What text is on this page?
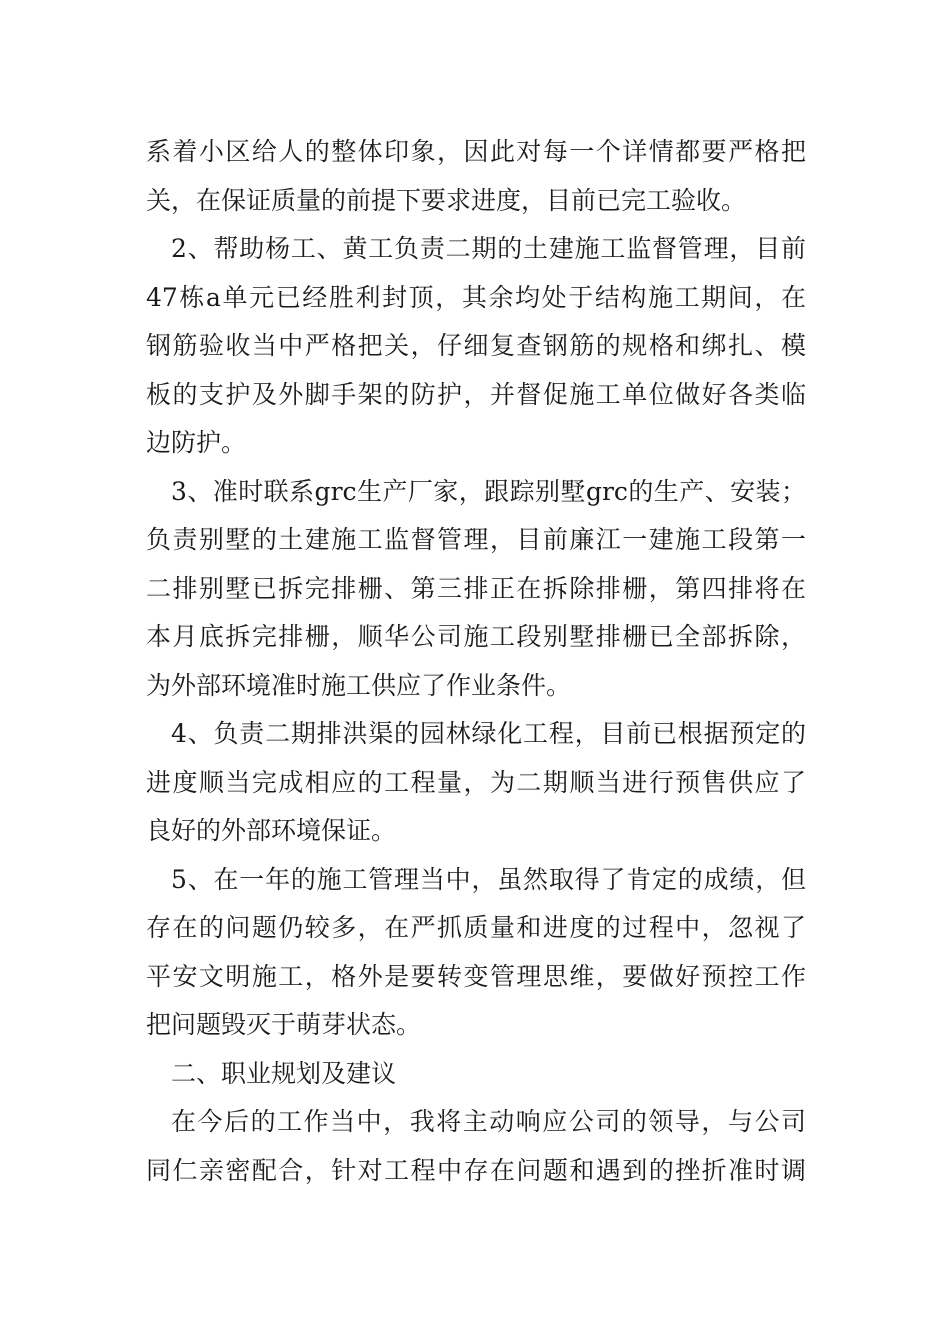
系着小区给人的整体印象，因此对每一个详情都要严格把
关，在保证质量的前提下要求进度，目前已完工验收。

2、帮助杨工、黄工负责二期的土建施工监督管理，目前
47栋a单元已经胜利封顶，其余均处于结构施工期间，在
钢筋验收当中严格把关，仔细复查钢筋的规格和绑扎、模
板的支护及外脚手架的防护，并督促施工单位做好各类临
边防护。

3、准时联系grc生产厂家，跟踪别墅grc的生产、安装；
负责别墅的土建施工监督管理，目前廉江一建施工段第一
二排别墅已拆完排栅、第三排正在拆除排栅，第四排将在
本月底拆完排栅，顺华公司施工段别墅排栅已全部拆除，
为外部环境准时施工供应了作业条件。

4、负责二期排洪渠的园林绿化工程，目前已根据预定的
进度顺当完成相应的工程量，为二期顺当进行预售供应了
良好的外部环境保证。

5、在一年的施工管理当中，虽然取得了肯定的成绩，但
存在的问题仍较多，在严抓质量和进度的过程中，忽视了
平安文明施工，格外是要转变管理思维，要做好预控工作
把问题毁灭于萌芽状态。

二、职业规划及建议

在今后的工作当中，我将主动响应公司的领导，与公司
同仁亲密配合，针对工程中存在问题和遇到的挫折准时调
